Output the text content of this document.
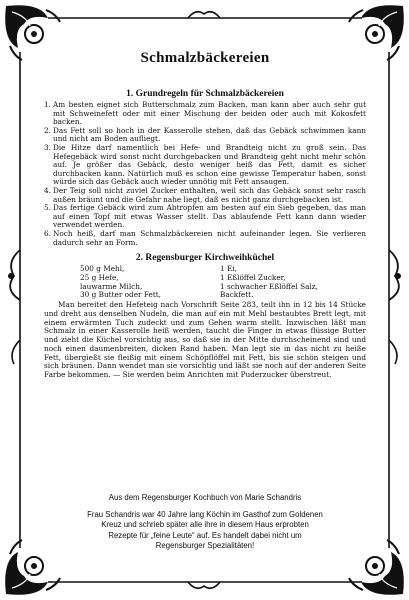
Schmalzbäckereien
1. Grundregeln für Schmalzbäckereien
1. Am besten eignet sich Butterschmalz zum Backen, man kann aber auch sehr gut mit Schweinefett oder mit einer Mischung der beiden oder auch mit Kokosfett backen.
2. Das Fett soll so hoch in der Kasserolle stehen, daß das Gebäck schwimmen kann und nicht am Boden aufliegt.
3. Die Hitze darf namentlich bei Hefe- und Brandteig nicht zu groß sein. Das Hefegebäck wird sonst nicht durchgebacken und Brandteig geht nicht mehr schön auf. Je größer das Gebäck, desto weniger heiß das Fett, damit es sicher durchbacken kann. Natürlich muß es schon eine gewisse Temperatur haben, sonst würde sich das Gebäck auch wieder unnötig mit Fett ansaugen.
4. Der Teig soll nicht zuviel Zucker enthalten, weil sich das Gebäck sonst sehr rasch außen bräunt und die Gefahr nahe liegt, daß es nicht ganz durchgebacken ist.
5. Das fertige Gebäck wird zum Abtropfen am besten auf ein Sieb gegeben, das man auf einen Topf mit etwas Wasser stellt. Das ablaufende Fett kann dann wieder verwendet werden.
6. Noch heiß, darf man Schmalzbäckereien nicht aufeinander legen. Sie verlieren dadurch sehr an Form.
2. Regensburger Kirchweihküchel
500 g Mehl,	1 Ei,
25 g Hefe,	1 Eßlöffel Zucker,
lauwarme Milch,	1 schwacher Eßlöffel Salz,
30 g Butter oder Fett,	Backfett.

Man bereitet den Hefeteig nach Vorschrift Seite 283, teilt ihn in 12 bis 14 Stücke und dreht aus denselben Nudeln, die man auf ein mit Mehl bestaubtes Brett legt, mit einem erwärmten Tuch zudeckt und zum Gehen warm stellt. Inzwischen läßt man Schmalz in einer Kasserolle heiß werden, taucht die Finger in etwas flüssige Butter und zieht die Küchel vorsichtig aus, so daß sie in der Mitte durchscheinend sind und noch einen daumenbreiten, dicken Rand haben. Man legt sie in das nicht zu heiße Fett, übergießt sie fleißig mit einem Schöpflöffel mit Fett, bis sie schön steigen und sich bräunen. Dann wendet man sie vorsichtig und läßt sie noch auf der anderen Seite Farbe bekommen. — Sie werden beim Anrichten mit Puderzucker überstreut.

Aus dem Regensburger Kochbuch von Marie Schandris
Frau Schandris war 40 Jahre lang Köchin im Gasthof zum Goldenen
Kreuz und schrieb später alle ihre in diesem Haus erprobten
Rezepte für „feine Leute“ auf. Es handelt dabei nicht um
Regensburger Spezialitäten!
